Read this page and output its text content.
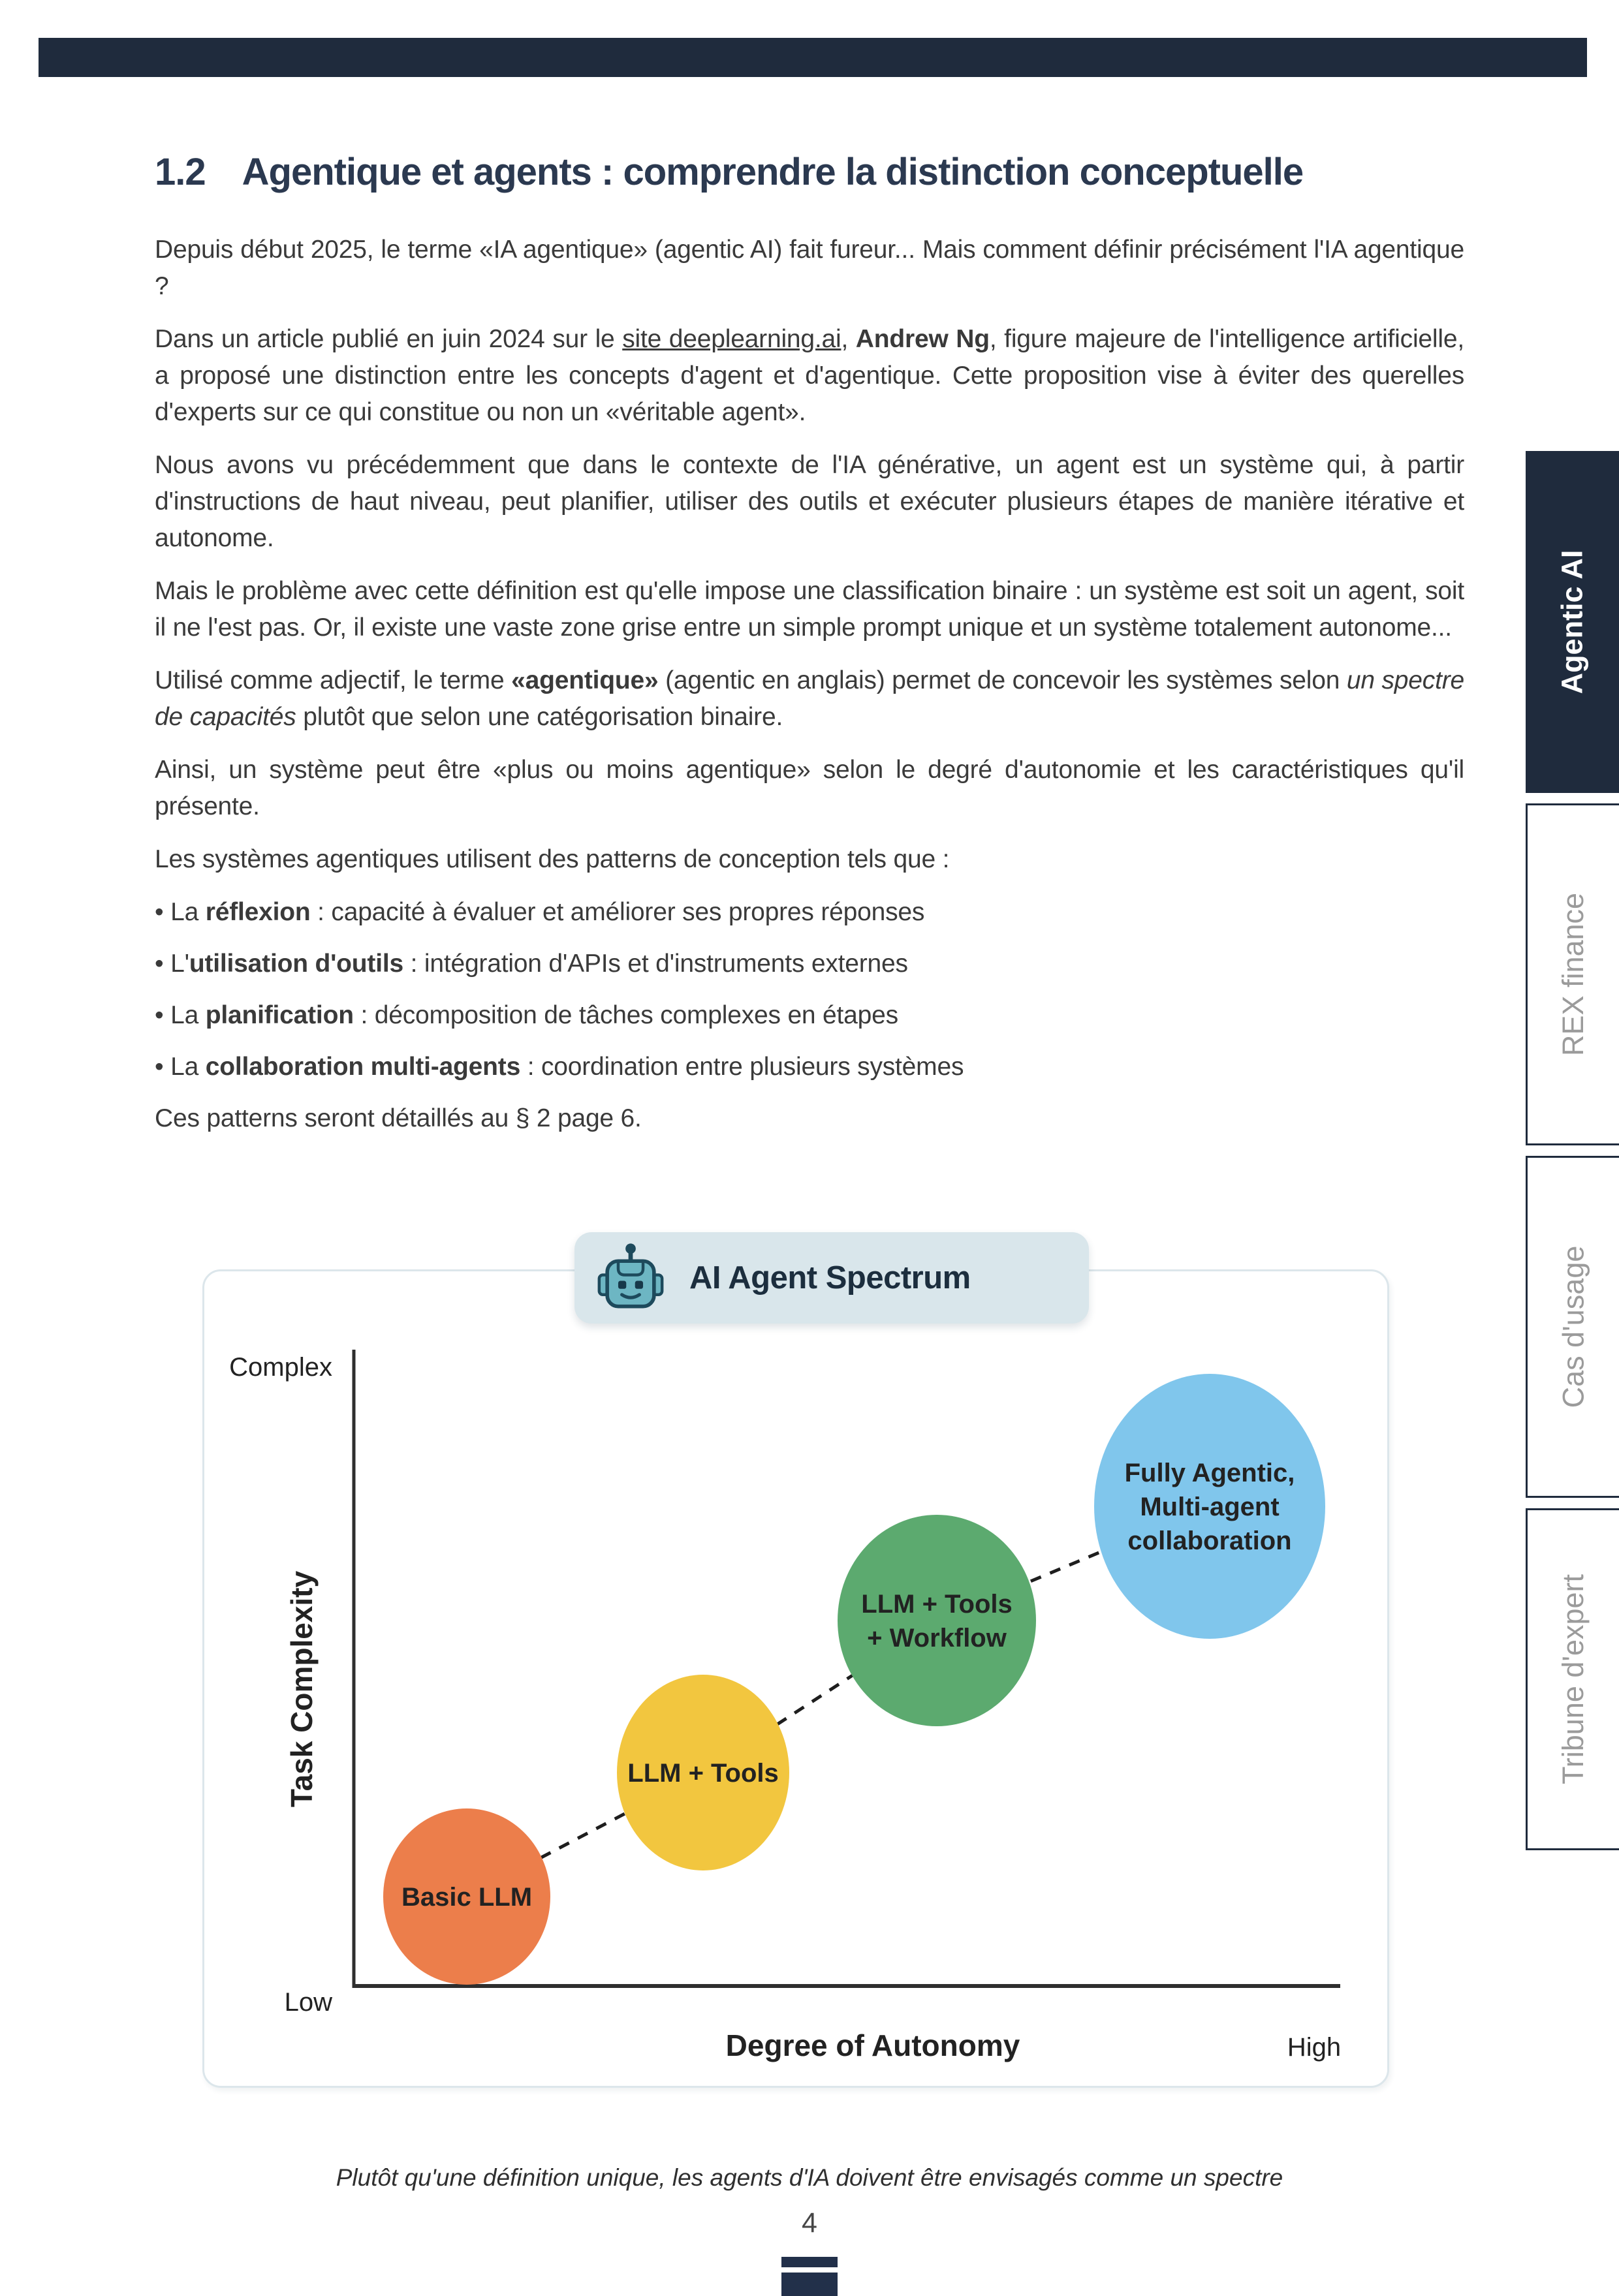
1.2 Agentique et agents : comprendre la distinction conceptuelle

Depuis début 2025, le terme «IA agentique» (agentic AI) fait fureur... Mais comment définir précisément l'IA agentique ?

Dans un article publié en juin 2024 sur le site deeplearning.ai, Andrew Ng, figure majeure de l'intelligence artificielle, a proposé une distinction entre les concepts d'agent et d'agentique. Cette proposition vise à éviter des querelles d'experts sur ce qui constitue ou non un «véritable agent».

Nous avons vu précédemment que dans le contexte de l'IA générative, un agent est un système qui, à partir d'instructions de haut niveau, peut planifier, utiliser des outils et exécuter plusieurs étapes de manière itérative et autonome.

Mais le problème avec cette définition est qu'elle impose une classification binaire : un système est soit un agent, soit il ne l'est pas. Or, il existe une vaste zone grise entre un simple prompt unique et un système totalement autonome...

Utilisé comme adjectif, le terme «agentique» (agentic en anglais) permet de concevoir les systèmes selon un spectre de capacités plutôt que selon une catégorisation binaire.

Ainsi, un système peut être «plus ou moins agentique» selon le degré d'autonomie et les caractéristiques qu'il présente.

Les systèmes agentiques utilisent des patterns de conception tels que :

• La réflexion : capacité à évaluer et améliorer ses propres réponses

• L'utilisation d'outils : intégration d'APIs et d'instruments externes

• La planification : décomposition de tâches complexes en étapes

• La collaboration multi-agents : coordination entre plusieurs systèmes

Ces patterns seront détaillés au § 2 page 6.

Agentic AI
REX finance
Cas d'usage
Tribune d'expert
Complex
Low
Task Complexity
Degree of Autonomy	High
Basic LLM
LLM + Tools
LLM + Tools + Workflow
Fully Agentic, Multi-agent collaboration
AI Agent Spectrum
Plutôt qu'une définition unique, les agents d'IA doivent être envisagés comme un spectre
4
